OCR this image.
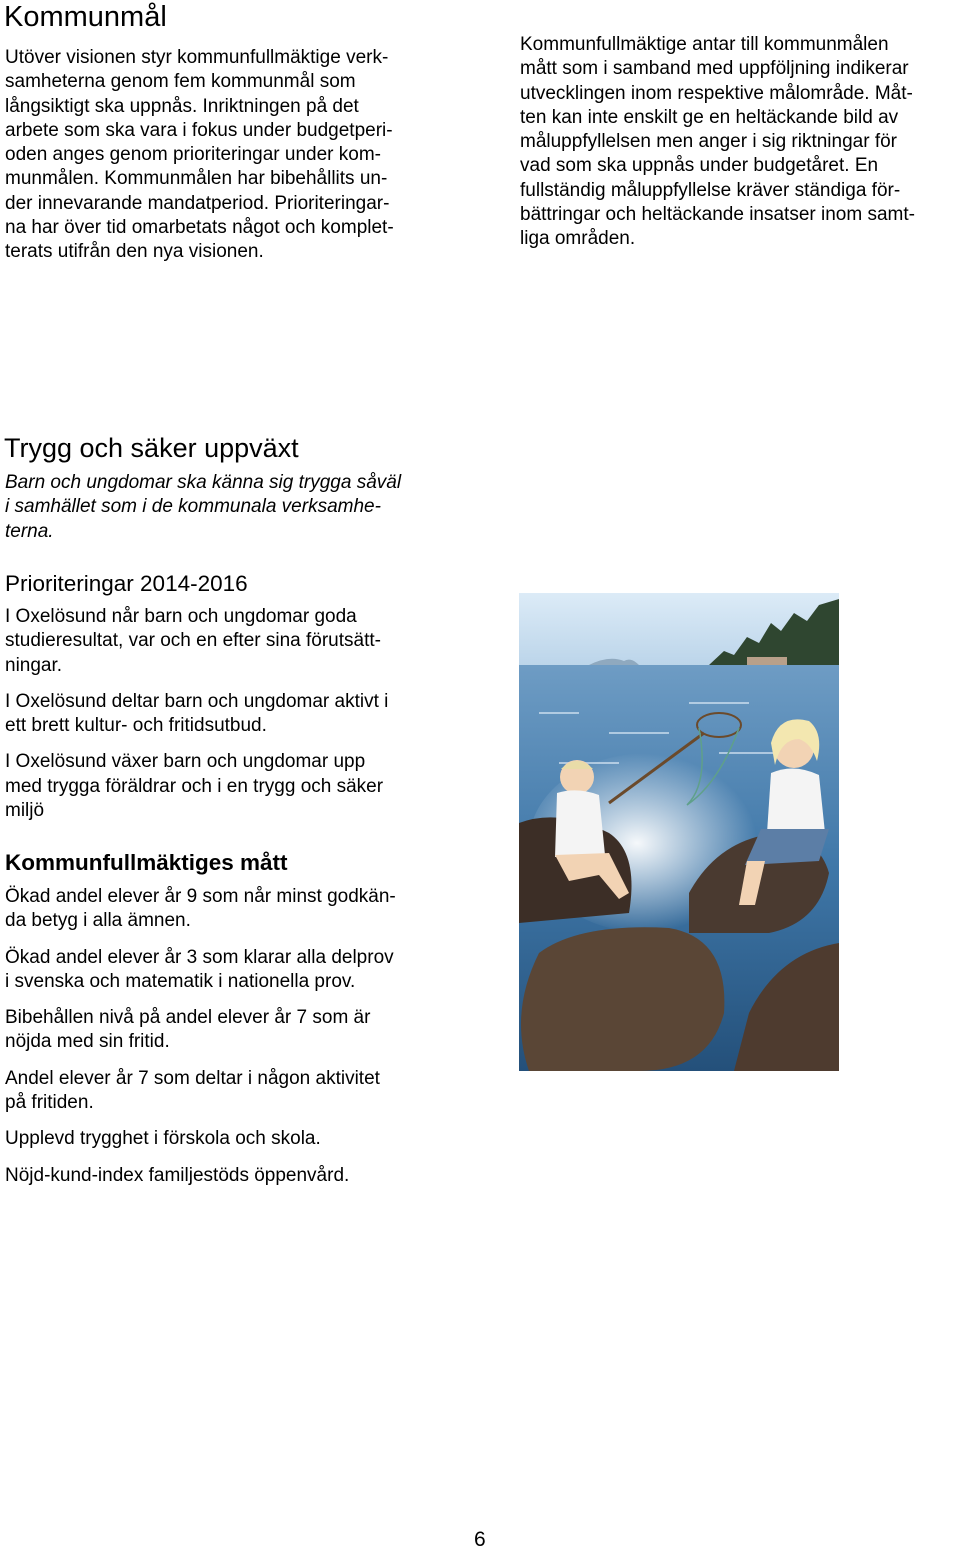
Kommunmål

Utöver visionen styr kommunfullmäktige verk-

samheterna genom fem kommunmål som

långsiktigt ska uppnås. Inriktningen på det

arbete som ska vara i fokus under budgetperi-

oden anges genom prioriteringar under kom-

munmålen. Kommunmålen har bibehållits un-

der innevarande mandatperiod. Prioriteringar-

na har över tid omarbetats något och komplet-

terats utifrån den nya visionen.

Kommunfullmäktige antar till kommunmålen

mått som i samband med uppföljning indikerar

utvecklingen inom respektive målområde. Måt-

ten kan inte enskilt ge en heltäckande bild av

måluppfyllelsen men anger i sig riktningar för

vad som ska uppnås under budgetåret. En

fullständig måluppfyllelse kräver ständiga för-

bättringar och heltäckande insatser inom samt-

liga områden.

Trygg och säker uppväxt

Barn och ungdomar ska känna sig trygga såväl

i samhället som i de kommunala verksamhe-

terna.

Prioriteringar 2014-2016

I Oxelösund når barn och ungdomar goda

studieresultat, var och en efter sina förutsätt-

ningar.

I Oxelösund deltar barn och ungdomar aktivt i

ett brett kultur- och fritidsutbud.

I Oxelösund växer barn och ungdomar upp

med trygga föräldrar och i en trygg och säker

miljö

Kommunfullmäktiges mått

Ökad andel elever år 9 som når minst godkän-

da betyg i alla ämnen.

Ökad andel elever år 3 som klarar alla delprov

i svenska och matematik i nationella prov.

Bibehållen nivå på andel elever år 7 som är

nöjda med sin fritid.

Andel elever år 7 som deltar i någon aktivitet

på fritiden.

Upplevd trygghet i förskola och skola.

Nöjd-kund-index familjestöds öppenvård.

6
